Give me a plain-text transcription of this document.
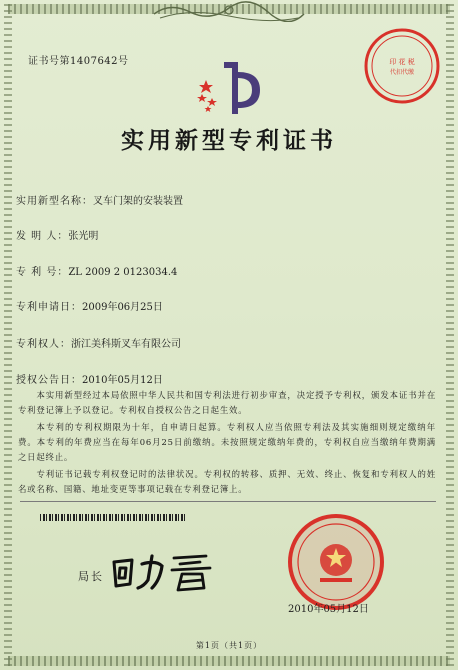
证书号第1407642号	印 花 税
代扣代缴
实用新型专利证书
实用新型名称：叉车门架的安装装置
发 明 人：张光明
专 利 号：ZL 2009 2 0123034.4
专利申请日：2009年06月25日
专利权人：浙江美科斯叉车有限公司
授权公告日：2010年05月12日
本实用新型经过本局依照中华人民共和国专利法进行初步审查，决定授予专利权，颁发本证书并在专利登记簿上予以登记。专利权自授权公告之日起生效。
本专利的专利权期限为十年，自申请日起算。专利权人应当依照专利法及其实施细则规定缴纳年费。本专利的年费应当在每年06月25日前缴纳。未按照规定缴纳年费的，专利权自应当缴纳年费期满之日起终止。
专利证书记载专利权登记时的法律状况。专利权的转移、质押、无效、终止、恢复和专利权人的姓名或名称、国籍、地址变更等事项记载在专利登记簿上。
局长
2010年05月12日
第1页（共1页）
